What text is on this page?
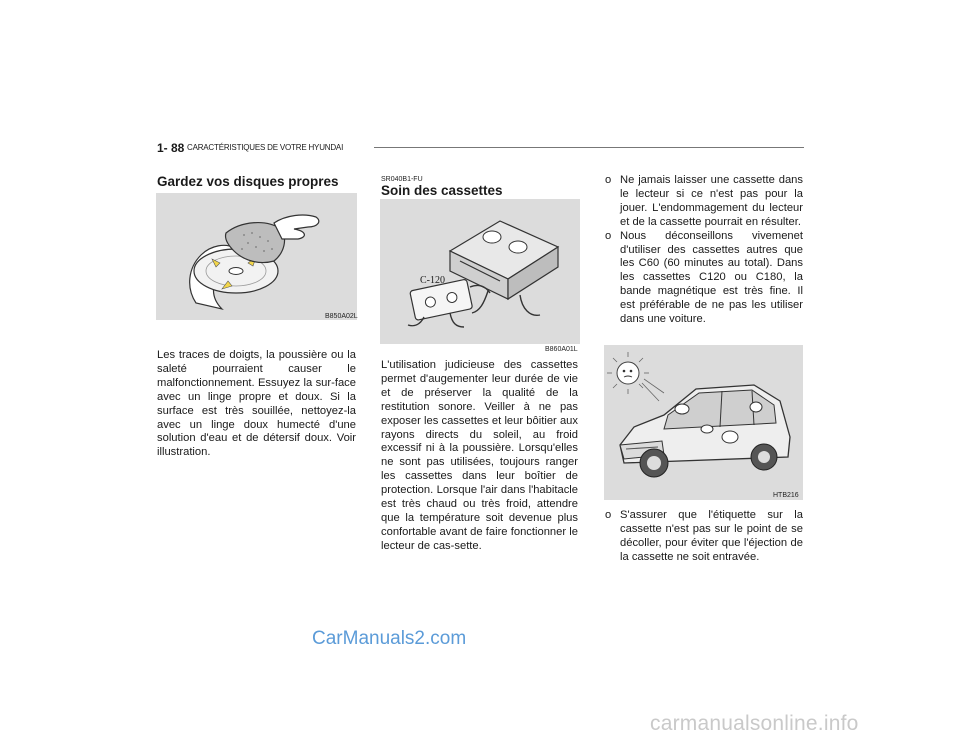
1- 88 CARACTÉRISTIQUES DE VOTRE HYUNDAI
Gardez vos disques propres
B850A02L
Les traces de doigts, la poussière ou la saleté pourraient causer le malfonctionnement. Essuyez la sur-face avec un linge propre et doux. Si la surface est très souillée, nettoyez-la avec un linge doux humecté d'une solution d'eau et de détersif doux. Voir illustration.
SR040B1-FU
Soin des cassettes
C-120
B860A01L
L'utilisation judicieuse des cassettes permet d'augementer leur durée de vie et de préserver la qualité de la restitution sonore. Veiller à ne pas exposer les cassettes et leur bôitier aux rayons directs du soleil, au froid excessif ni à la poussière. Lorsqu'elles ne sont pas utilisées, toujours ranger les cassettes dans leur boîtier de protection. Lorsque l'air dans l'habitacle est très chaud ou très froid, attendre que la température soit devenue plus confortable avant de faire fonctionner le lecteur de cas-sette.
o Ne jamais laisser une cassette dans le lecteur si ce n'est pas pour la jouer. L'endommagement du lecteur et de la cassette pourrait en résulter.
o Nous déconseillons vivemenet d'utiliser des cassettes autres que les C60 (60 minutes au total). Dans les cassettes C120 ou C180, la bande magnétique est très fine. Il est préférable de ne pas les utiliser dans une voiture.
HTB216
o S'assurer que l'étiquette sur la cassette n'est pas sur le point de se décoller, pour éviter que l'éjection de la cassette ne soit entravée.
CarManuals2.com
carmanualsonline.info
